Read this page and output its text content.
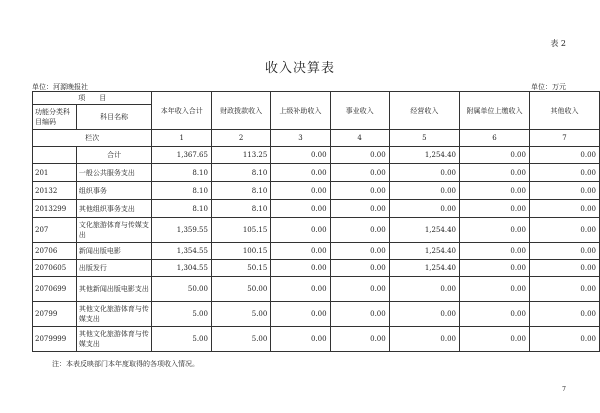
表 2
收入决算表
单位：河源晚报社	单位：万元
项　　目		本年收入合计	财政拨款收入	上级补助收入	事业收入	经营收入	附属单位上缴收入	其他收入
功能分类科目编码	科目名称							
栏次		1	2	3	4	5	6	7
	合计	1,367.65	113.25	0.00	0.00	1,254.40	0.00	0.00
201	一般公共服务支出	8.10	8.10	0.00	0.00	0.00	0.00	0.00
20132	组织事务	8.10	8.10	0.00	0.00	0.00	0.00	0.00
2013299	其他组织事务支出	8.10	8.10	0.00	0.00	0.00	0.00	0.00
207	文化旅游体育与传媒支出	1,359.55	105.15	0.00	0.00	1,254.40	0.00	0.00
20706	新闻出版电影	1,354.55	100.15	0.00	0.00	1,254.40	0.00	0.00
2070605	出版发行	1,304.55	50.15	0.00	0.00	1,254.40	0.00	0.00
2070699	其他新闻出版电影支出	50.00	50.00	0.00	0.00	0.00	0.00	0.00
20799	其他文化旅游体育与传媒支出	5.00	5.00	0.00	0.00	0.00	0.00	0.00
2079999	其他文化旅游体育与传媒支出	5.00	5.00	0.00	0.00	0.00	0.00	0.00
注：本表反映部门本年度取得的各项收入情况。
7
